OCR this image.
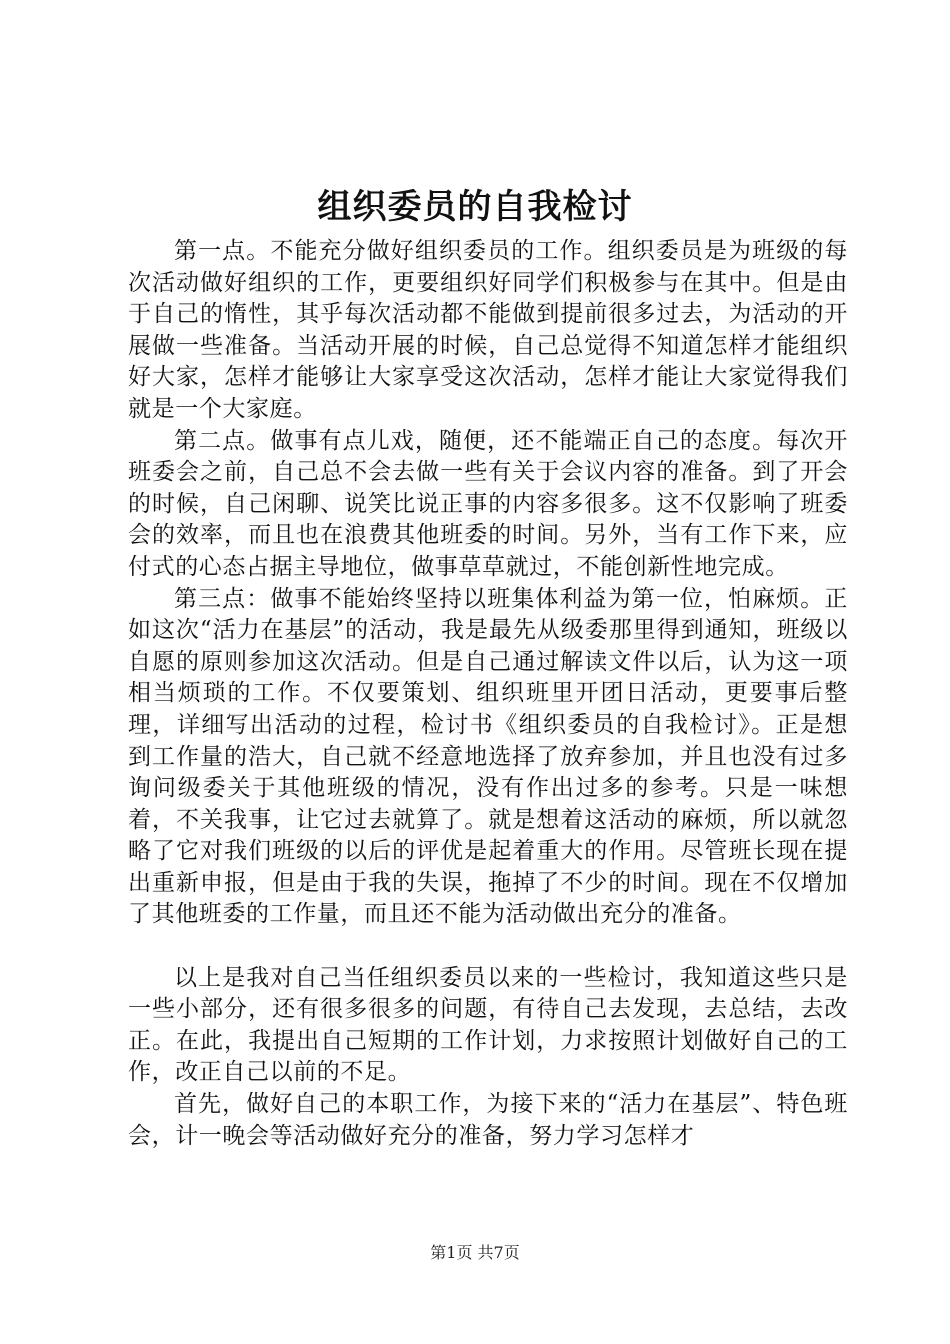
组织委员的自我检讨

第一点。不能充分做好组织委员的工作。组织委员是为班级的每次活动做好组织的工作，更要组织好同学们积极参与在其中。但是由于自己的惰性，其乎每次活动都不能做到提前很多过去，为活动的开展做一些准备。当活动开展的时候，自己总觉得不知道怎样才能组织好大家，怎样才能够让大家享受这次活动，怎样才能让大家觉得我们就是一个大家庭。

第二点。做事有点儿戏，随便，还不能端正自己的态度。每次开班委会之前，自己总不会去做一些有关于会议内容的准备。到了开会的时候，自己闲聊、说笑比说正事的内容多很多。这不仅影响了班委会的效率，而且也在浪费其他班委的时间。另外，当有工作下来，应付式的心态占据主导地位，做事草草就过，不能创新性地完成。

第三点：做事不能始终坚持以班集体利益为第一位，怕麻烦。正如这次“活力在基层”的活动，我是最先从级委那里得到通知，班级以自愿的原则参加这次活动。但是自己通过解读文件以后，认为这一项相当烦琐的工作。不仅要策划、组织班里开团日活动，更要事后整理，详细写出活动的过程，检讨书《组织委员的自我检讨》。正是想到工作量的浩大，自己就不经意地选择了放弃参加，并且也没有过多询问级委关于其他班级的情况，没有作出过多的参考。只是一味想着，不关我事，让它过去就算了。就是想着这活动的麻烦，所以就忽略了它对我们班级的以后的评优是起着重大的作用。尽管班长现在提出重新申报，但是由于我的失误，拖掉了不少的时间。现在不仅增加了其他班委的工作量，而且还不能为活动做出充分的准备。

以上是我对自己当任组织委员以来的一些检讨，我知道这些只是一些小部分，还有很多很多的问题，有待自己去发现，去总结，去改正。在此，我提出自己短期的工作计划，力求按照计划做好自己的工作，改正自己以前的不足。

首先，做好自己的本职工作，为接下来的“活力在基层”、特色班会，计一晚会等活动做好充分的准备，努力学习怎样才

第1页 共7页
